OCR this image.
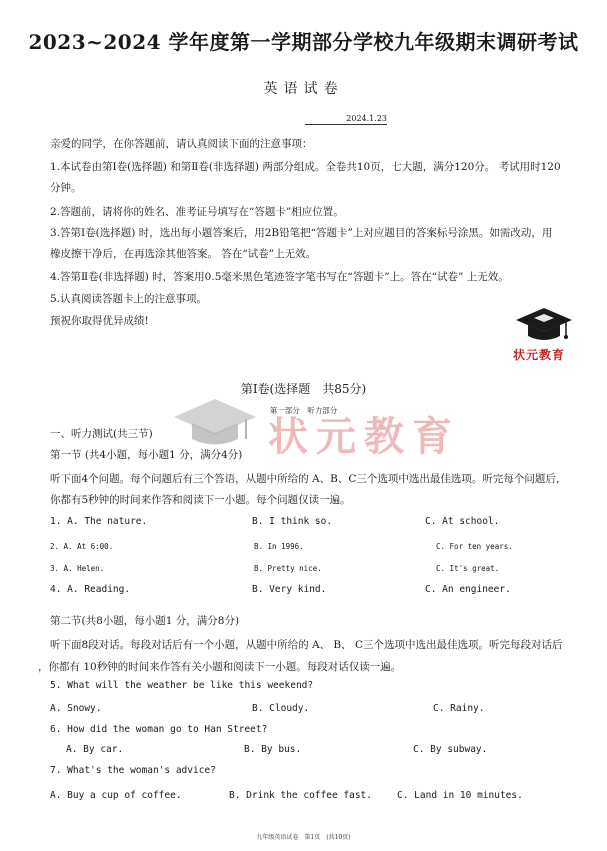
2023~2024 学年度第一学期部分学校九年级期末调研考试
英语试卷
2024.1.23
亲爱的同学，在你答题前，请认真阅读下面的注意事项：
1.本试卷由第Ⅰ卷(选择题) 和第Ⅱ卷(非选择题) 两部分组成。全卷共10页，七大题，满分120分。 考试用时120
分钟。
2.答题前，请将你的姓名、准考证号填写在“答题卡”相应位置。
3.答第Ⅰ卷(选择题) 时，选出每小题答案后，用2B铅笔把“答题卡”上对应题目的答案标号涂黑。如需改动，用
橡皮擦干净后，在再选涂其他答案。 答在“试卷”上无效。
4.答第Ⅱ卷(非选择题) 时，答案用0.5毫米黑色笔迹签字笔书写在“答题卡”上。答在“试卷” 上无效。
5.认真阅读答题卡上的注意事项。
预祝你取得优异成绩!
状元教育
第Ⅰ卷(选择题　共85分)
第一部分　听力部分
状元教育
一、听力测试(共三节)
第一节 (共4小题，每小题1 分，满分4分)
听下面4个问题。每个问题后有三个答语，从题中所给的 A、B、C三个选项中选出最佳选项。听完每个问题后，
你都有5秒钟的时间来作答和阅读下一小题。每个问题仅读一遍。
1. A. The nature.	B. I think so.	C. At school.
2. A. At 6:00.	B. In 1996.	C. For ten years.
3. A. Helen.	B. Pretty nice.	C. It's great.
4. A. Reading.	B. Very kind.	C. An engineer.
第二节(共8小题，每小题1 分，满分8分)
听下面8段对话。每段对话后有一个小题，从题中所给的 A、 B、 C三个选项中选出最佳选项。听完每段对话后
，你都有 10秒钟的时间来作答有关小题和阅读下一小题。每段对话仅读一遍。
5. What will the weather be like this weekend?
A. Snowy.	B. Cloudy.	C. Rainy.
6. How did the woman go to Han Street?
A. By car.	B. By bus.	C. By subway.
7. What's the woman's advice?
A. Buy a cup of coffee.	B. Drink the coffee fast.	C. Land in 10 minutes.
九年级英语试卷　第1页　(共10页)
